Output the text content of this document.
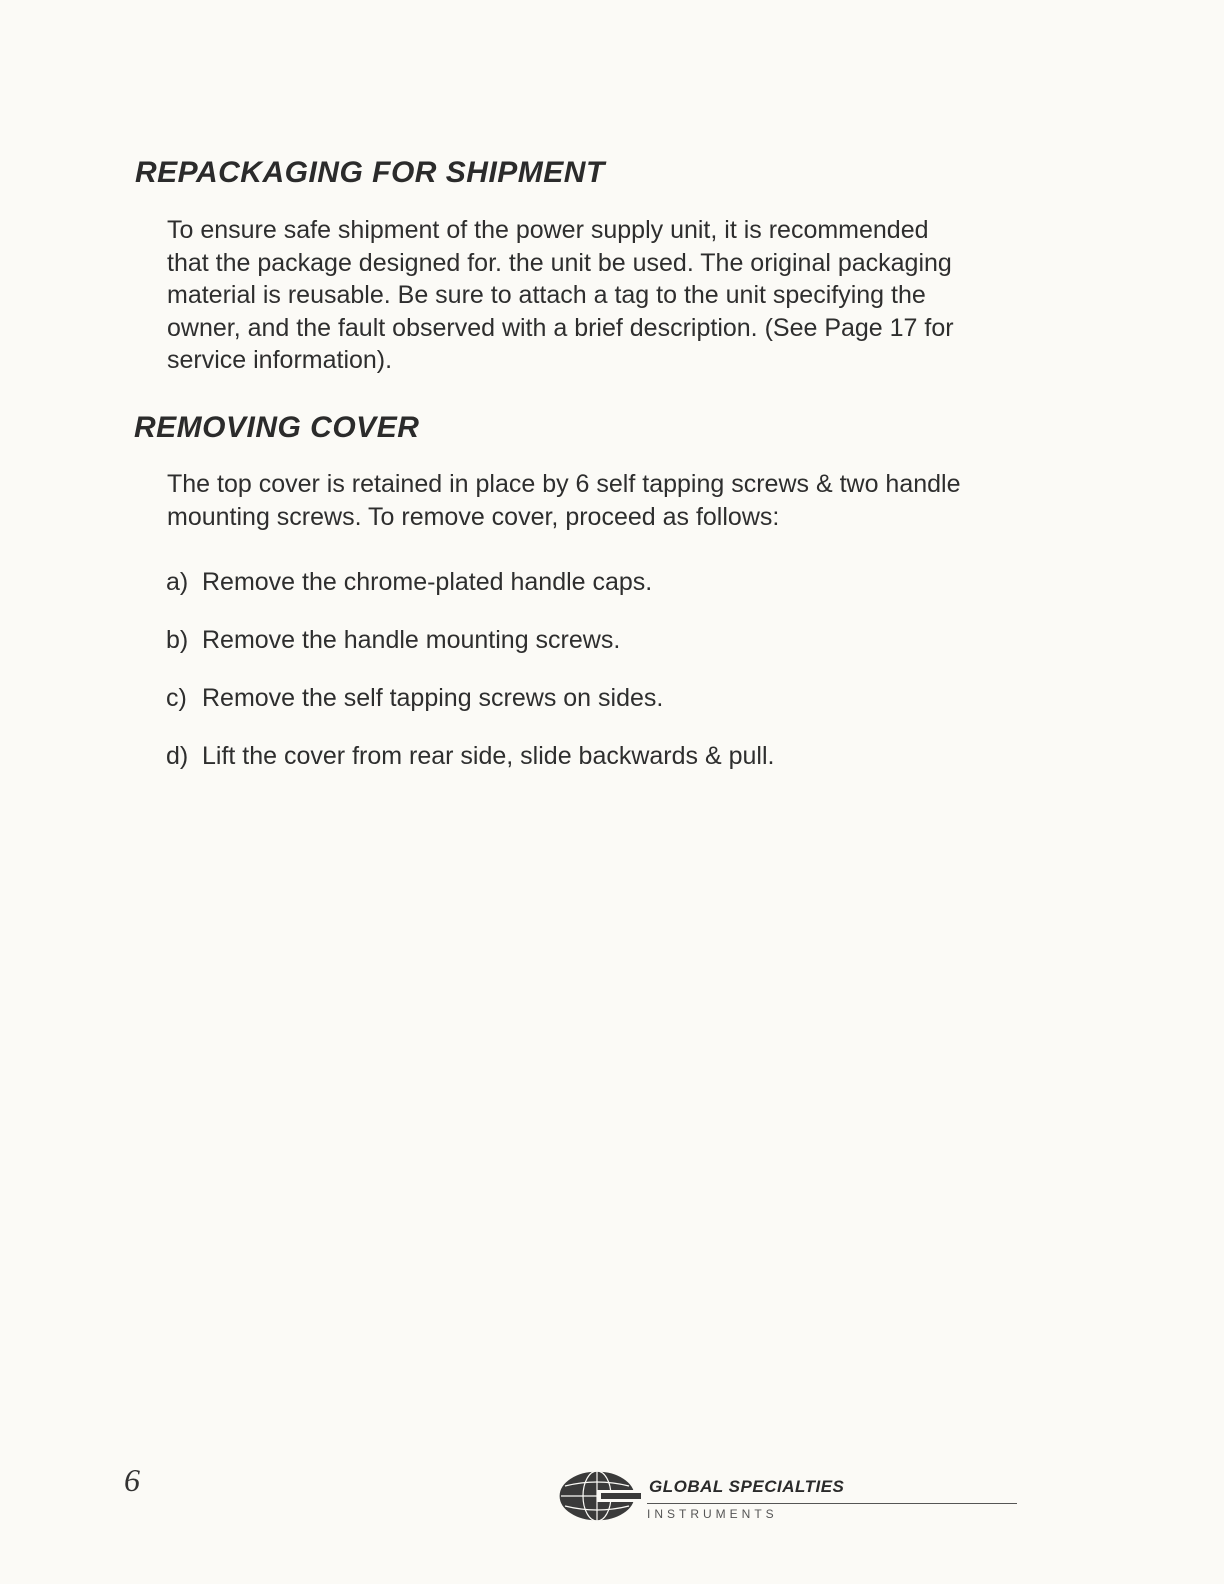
REPACKAGING FOR SHIPMENT
To ensure safe shipment of the power supply unit, it is recommended
that the package designed for. the unit be used. The original packaging
material is reusable. Be sure to attach a tag to the unit specifying the
owner, and the fault observed with a brief description. (See Page 17 for
service information).
REMOVING COVER
The top cover is retained in place by 6 self tapping screws & two handle
mounting screws. To remove cover, proceed as follows:

a) Remove the chrome-plated handle caps.

b) Remove the handle mounting screws.

c) Remove the self tapping screws on sides.

d) Lift the cover from rear side, slide backwards & pull.

6	GLOBAL SPECIALTIES
INSTRUMENTS
